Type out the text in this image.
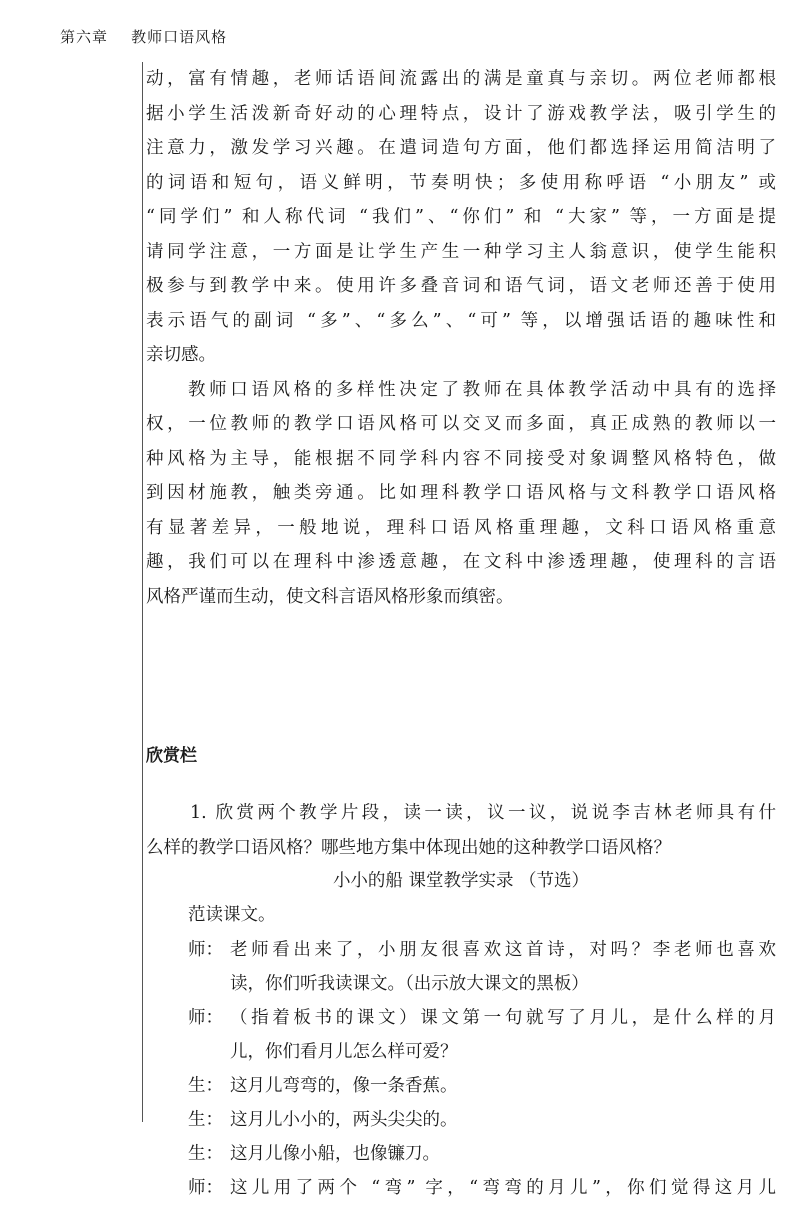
第六章    教师口语风格
动，富有情趣，老师话语间流露出的满是童真与亲切。两位老师都根
据小学生活泼新奇好动的心理特点，设计了游戏教学法，吸引学生的
注意力，激发学习兴趣。在遣词造句方面，他们都选择运用简洁明了
的词语和短句，语义鲜明，节奏明快；多使用称呼语 “小朋友” 或
“同学们” 和人称代词 “我们”、“你们” 和 “大家” 等，一方面是提
请同学注意，一方面是让学生产生一种学习主人翁意识，使学生能积
极参与到教学中来。使用许多叠音词和语气词，语文老师还善于使用
表示语气的副词 “多”、“多么”、“可” 等，以增强话语的趣味性和
亲切感。
教师口语风格的多样性决定了教师在具体教学活动中具有的选择
权，一位教师的教学口语风格可以交叉而多面，真正成熟的教师以一
种风格为主导，能根据不同学科内容不同接受对象调整风格特色，做
到因材施教，触类旁通。比如理科教学口语风格与文科教学口语风格
有显著差异，一般地说，理科口语风格重理趣，文科口语风格重意
趣，我们可以在理科中渗透意趣，在文科中渗透理趣，使理科的言语
风格严谨而生动，使文科言语风格形象而缜密。
欣赏栏
1. 欣赏两个教学片段，读一读，议一议，说说李吉林老师具有什
么样的教学口语风格？哪些地方集中体现出她的这种教学口语风格？
小小的船 课堂教学实录 （节选）
范读课文。
师： 老师看出来了，小朋友很喜欢这首诗，对吗？李老师也喜欢
读，你们听我读课文。（出示放大课文的黑板）
师： （指着板书的课文）课文第一句就写了月儿，是什么样的月
儿，你们看月儿怎么样可爱？
生： 这月儿弯弯的，像一条香蕉。
生： 这月儿小小的，两头尖尖的。
生： 这月儿像小船，也像镰刀。
师： 这儿用了两个 “弯” 字，“弯弯的月儿”，你们觉得这月儿
